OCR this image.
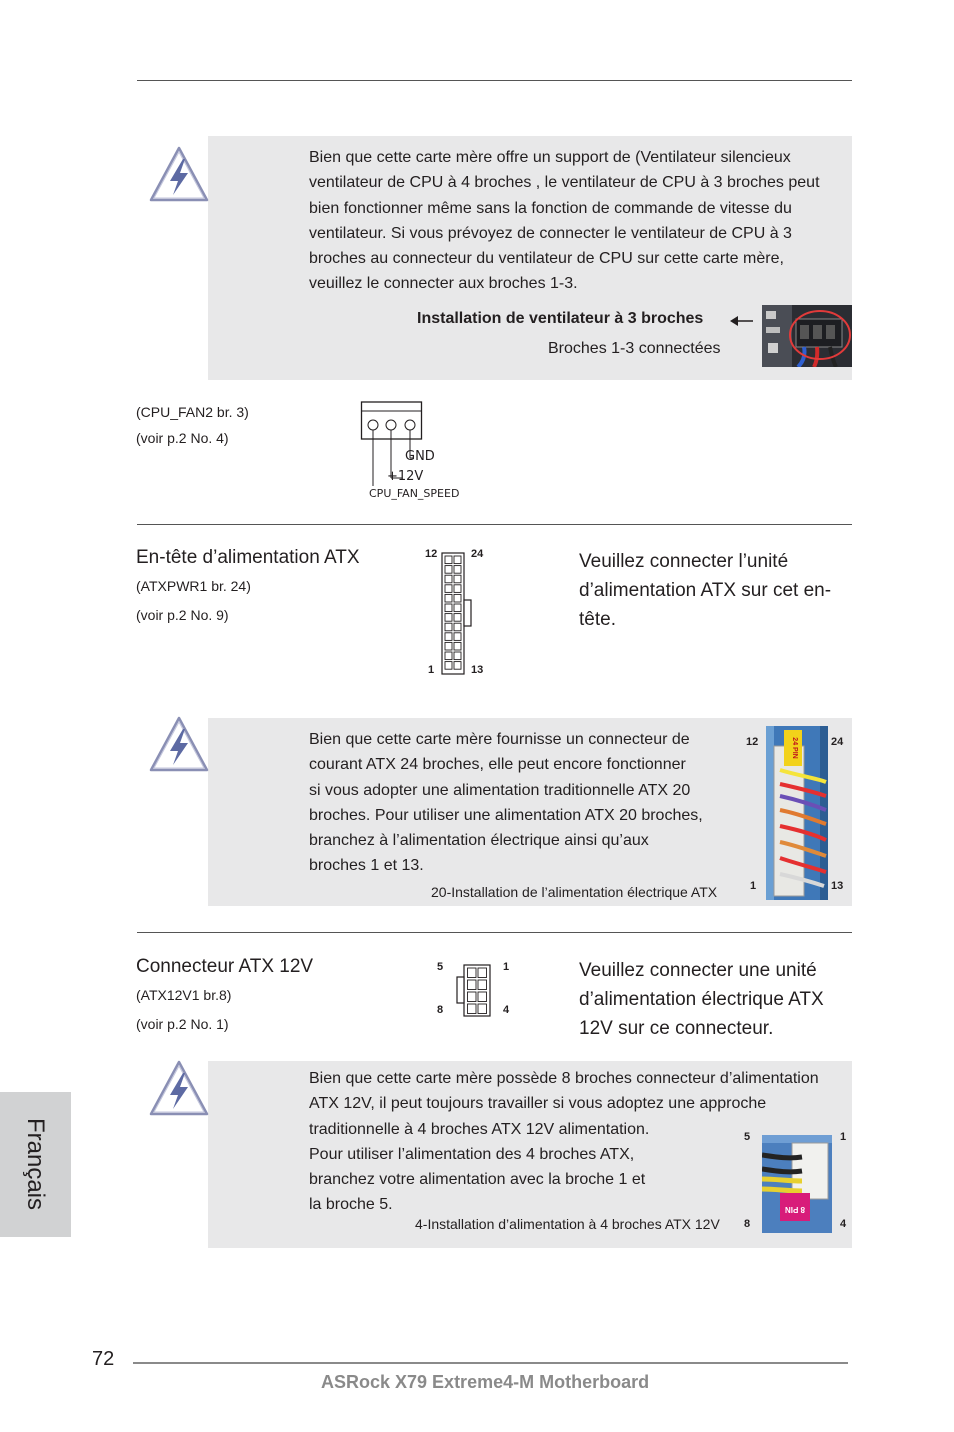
Bien que cette carte mère offre un support de (Ventilateur silencieux
ventilateur de CPU à 4 broches , le ventilateur de CPU à 3 broches peut
bien fonctionner même sans la fonction de commande de vitesse du
ventilateur. Si vous prévoyez de connecter le ventilateur de CPU à 3
broches au connecteur du ventilateur de CPU sur cette carte mère,
veuillez le connecter aux broches 1-3.
Installation de ventilateur à 3 broches
Broches 1-3 connectées
(CPU_FAN2 br. 3)
(voir p.2 No. 4)
GND
+12V
CPU_FAN_SPEED
En-tête d’alimentation ATX
(ATXPWR1 br. 24)
(voir p.2 No. 9)
12	24
1	13
Veuillez connecter l’unité
d’alimentation ATX sur cet en-
tête.
Bien que cette carte mère fournisse un connecteur de
courant ATX 24 broches, elle peut encore fonctionner
si vous adopter une alimentation traditionnelle ATX 20
broches. Pour utiliser une alimentation ATX 20 broches,
branchez à l’alimentation électrique ainsi qu’aux
broches 1 et 13.
20-Installation de l’alimentation électrique ATX
12	24
1	13
24 PIN
Connecteur ATX 12V
(ATX12V1 br.8)
(voir p.2 No. 1)
5	1
8	4
Veuillez connecter une unité
d’alimentation électrique ATX
12V sur ce connecteur.
Bien que cette carte mère possède 8 broches connecteur d’alimentation
ATX 12V, il peut toujours travailler si vous adoptez une approche
traditionnelle à 4 broches ATX 12V alimentation.
Pour utiliser l’alimentation des 4 broches ATX,
branchez votre alimentation avec la broche 1 et
la broche 5.
4-Installation d’alimentation à 4 broches ATX 12V
5	1
8	4
8 PIN
Français
72
ASRock X79 Extreme4-M Motherboard
